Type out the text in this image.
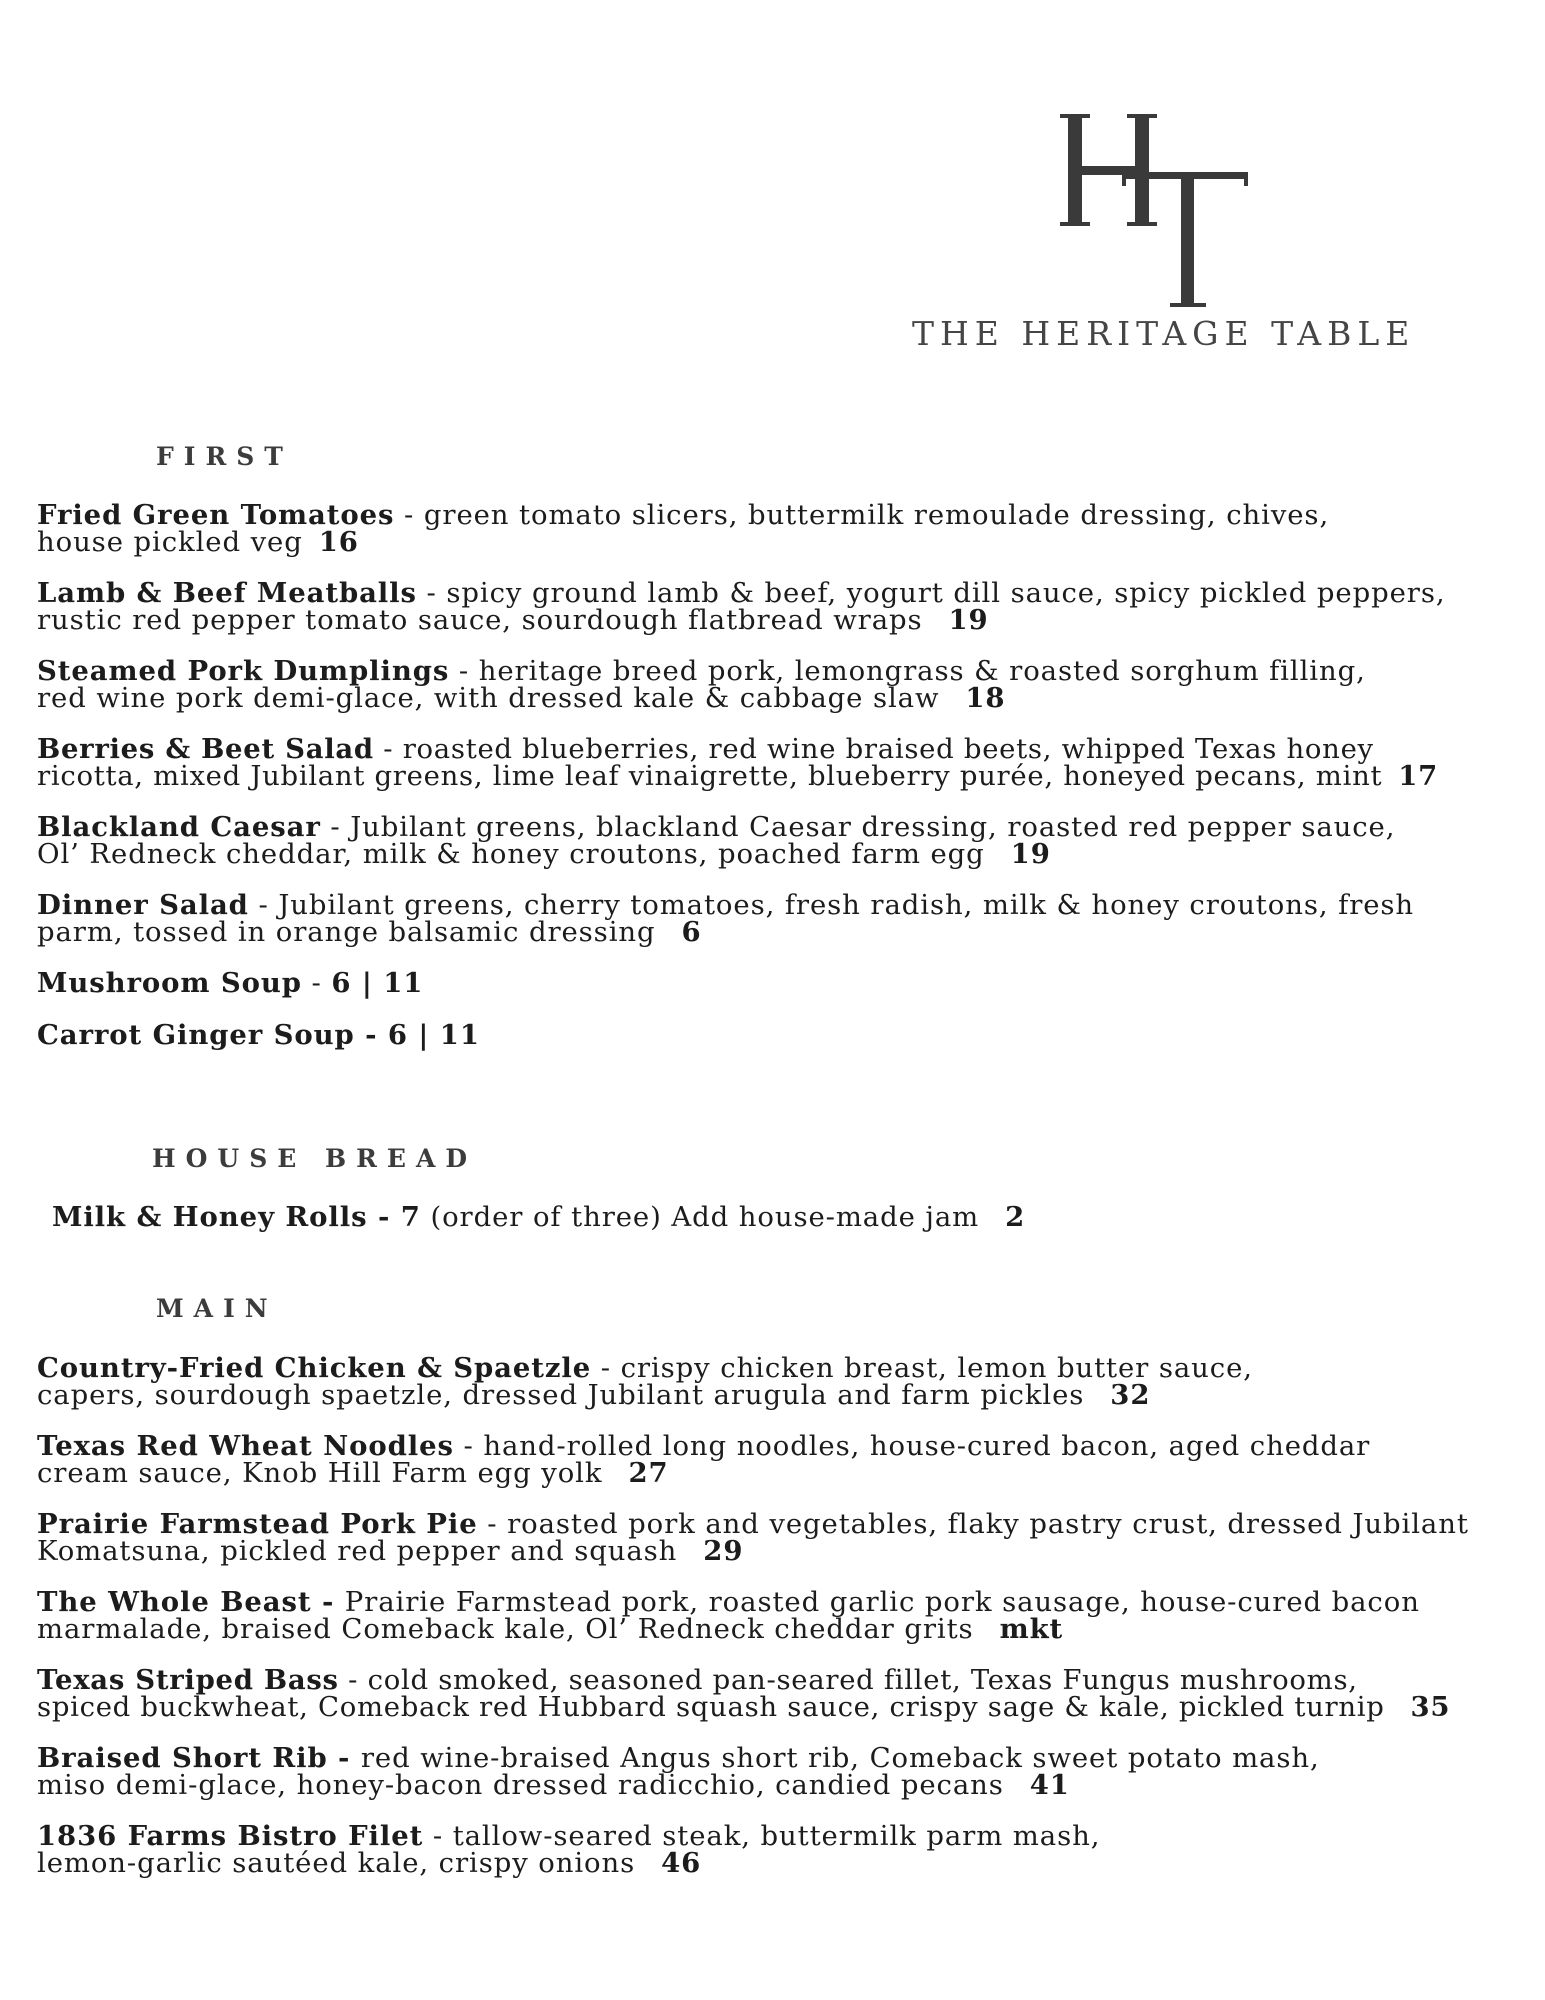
THE HERITAGE TABLE
FIRST
Fried Green Tomatoes - green tomato slicers, buttermilk remoulade dressing, chives,
house pickled veg 16
Lamb & Beef Meatballs - spicy ground lamb & beef, yogurt dill sauce, spicy pickled peppers,
rustic red pepper tomato sauce, sourdough flatbread wraps 19
Steamed Pork Dumplings - heritage breed pork, lemongrass & roasted sorghum filling,
red wine pork demi-glace, with dressed kale & cabbage slaw 18
Berries & Beet Salad - roasted blueberries, red wine braised beets, whipped Texas honey
ricotta, mixed Jubilant greens, lime leaf vinaigrette, blueberry purée, honeyed pecans, mint 17
Blackland Caesar - Jubilant greens, blackland Caesar dressing, roasted red pepper sauce,
Ol’ Redneck cheddar, milk & honey croutons, poached farm egg 19
Dinner Salad - Jubilant greens, cherry tomatoes, fresh radish, milk & honey croutons, fresh
parm, tossed in orange balsamic dressing 6
Mushroom Soup - 6 | 11
Carrot Ginger Soup - 6 | 11
HOUSE BREAD
Milk & Honey Rolls - 7 (order of three) Add house-made jam 2
MAIN
Country-Fried Chicken & Spaetzle - crispy chicken breast, lemon butter sauce,
capers, sourdough spaetzle, dressed Jubilant arugula and farm pickles 32
Texas Red Wheat Noodles - hand-rolled long noodles, house-cured bacon, aged cheddar
cream sauce, Knob Hill Farm egg yolk 27
Prairie Farmstead Pork Pie - roasted pork and vegetables, flaky pastry crust, dressed Jubilant
Komatsuna, pickled red pepper and squash 29
The Whole Beast - Prairie Farmstead pork, roasted garlic pork sausage, house-cured bacon
marmalade, braised Comeback kale, Ol’ Redneck cheddar grits mkt
Texas Striped Bass - cold smoked, seasoned pan-seared fillet, Texas Fungus mushrooms,
spiced buckwheat, Comeback red Hubbard squash sauce, crispy sage & kale, pickled turnip 35
Braised Short Rib - red wine-braised Angus short rib, Comeback sweet potato mash,
miso demi-glace, honey-bacon dressed radicchio, candied pecans 41
1836 Farms Bistro Filet - tallow-seared steak, buttermilk parm mash,
lemon-garlic sautéed kale, crispy onions 46
